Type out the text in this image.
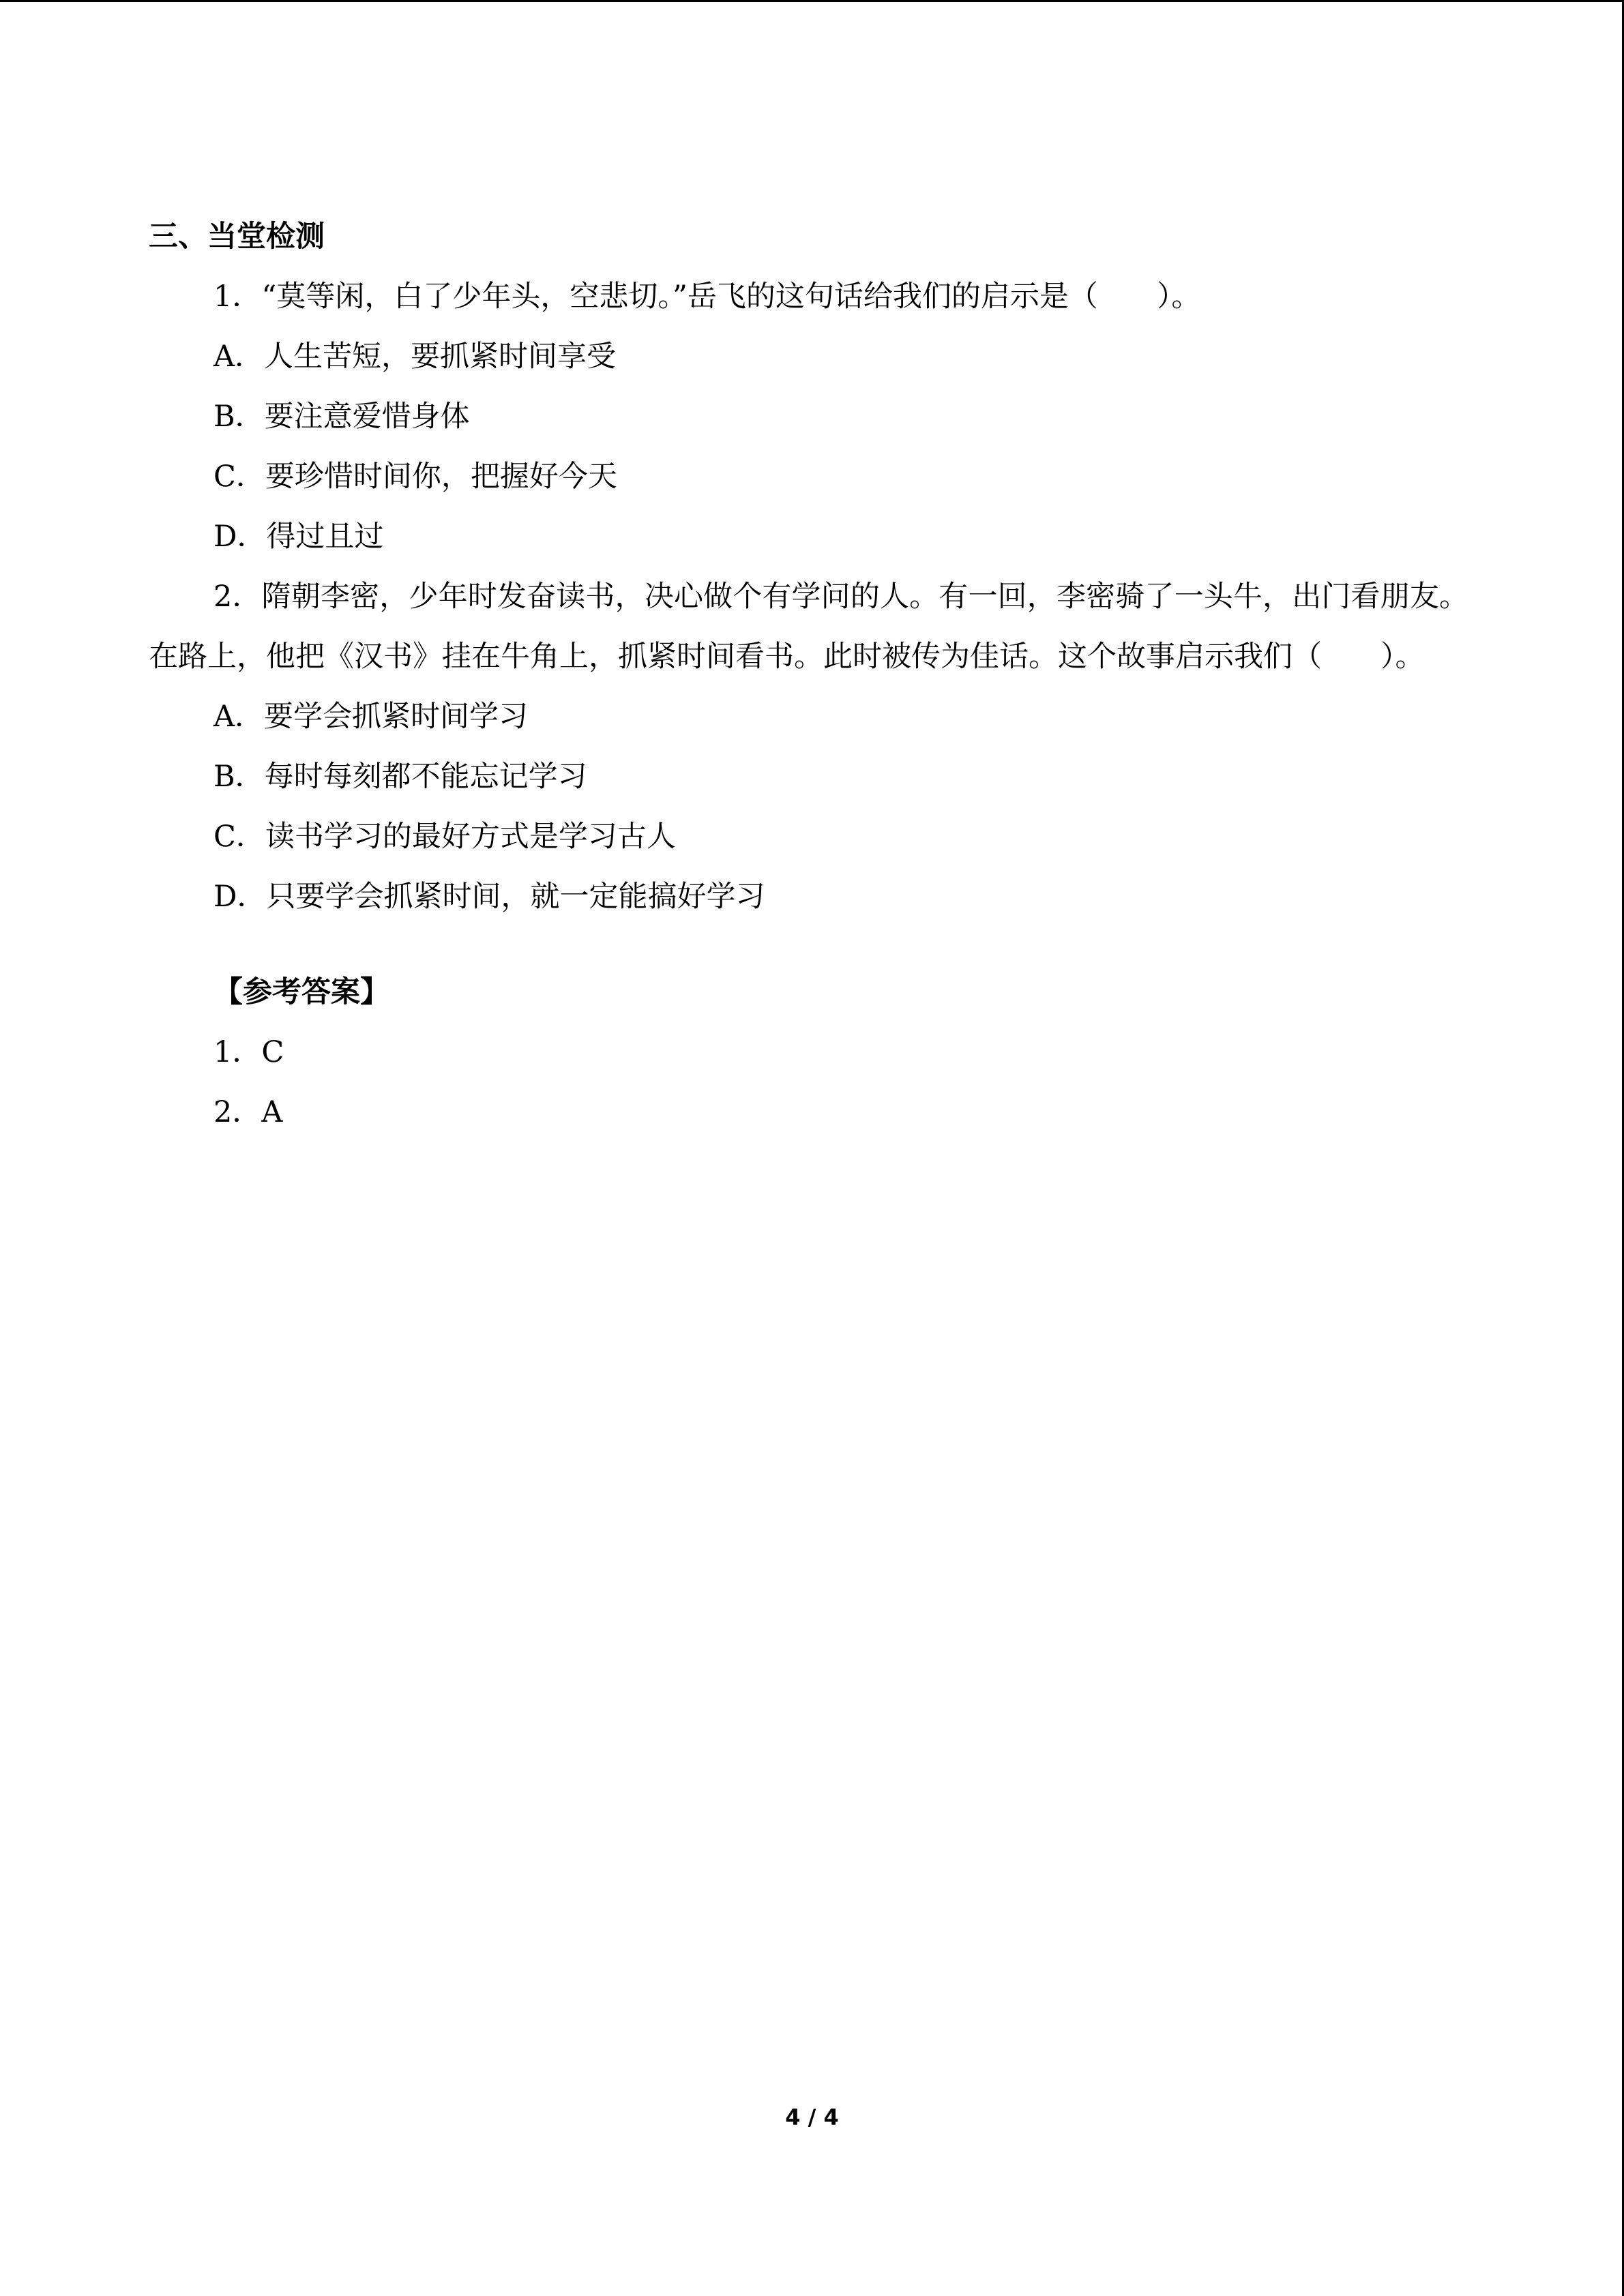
三、当堂检测
1．“莫等闲，白了少年头，空悲切。”岳飞的这句话给我们的启示是（　　）。
A．人生苦短，要抓紧时间享受
B．要注意爱惜身体
C．要珍惜时间你，把握好今天
D．得过且过
2．隋朝李密，少年时发奋读书，决心做个有学问的人。有一回，李密骑了一头牛，出门看朋友。在路上，他把《汉书》挂在牛角上，抓紧时间看书。此时被传为佳话。这个故事启示我们（　　）。
A．要学会抓紧时间学习
B．每时每刻都不能忘记学习
C．读书学习的最好方式是学习古人
D．只要学会抓紧时间，就一定能搞好学习
【参考答案】
1．C
2．A
4 / 4
